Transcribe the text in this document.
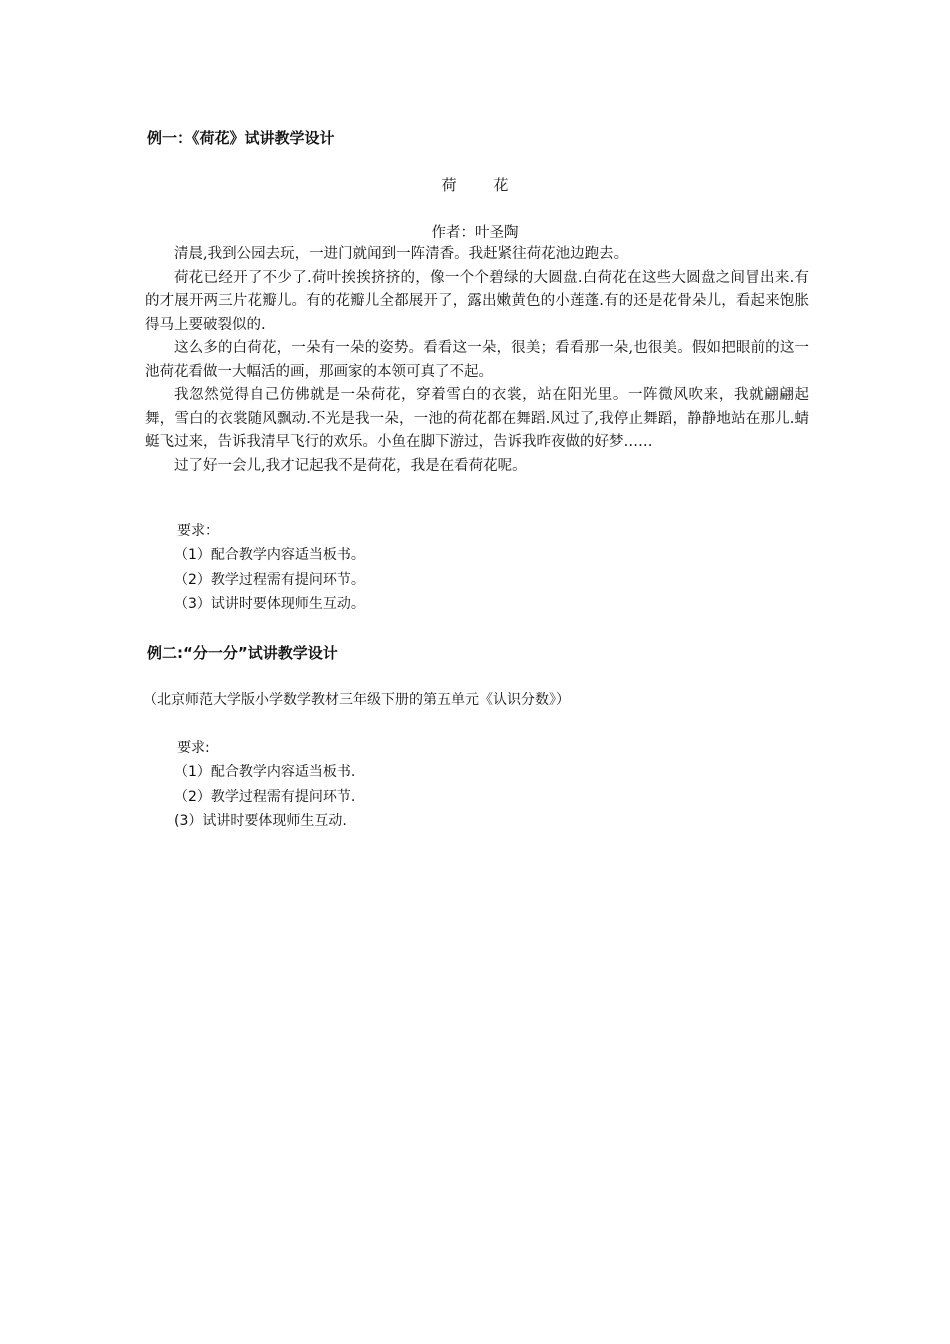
例一：《荷花》试讲教学设计
荷 花
作者：叶圣陶

清晨,我到公园去玩，一进门就闻到一阵清香。我赶紧往荷花池边跑去。

荷花已经开了不少了.荷叶挨挨挤挤的，像一个个碧绿的大圆盘.白荷花在这些大圆盘之间冒出来.有的才展开两三片花瓣儿。有的花瓣儿全都展开了，露出嫩黄色的小莲蓬.有的还是花骨朵儿，看起来饱胀得马上要破裂似的.

这么多的白荷花，一朵有一朵的姿势。看看这一朵，很美；看看那一朵,也很美。假如把眼前的这一池荷花看做一大幅活的画，那画家的本领可真了不起。

我忽然觉得自己仿佛就是一朵荷花，穿着雪白的衣裳，站在阳光里。一阵微风吹来，我就翩翩起舞，雪白的衣裳随风飘动.不光是我一朵，一池的荷花都在舞蹈.风过了,我停止舞蹈，静静地站在那儿.蜻蜓飞过来，告诉我清早飞行的欢乐。小鱼在脚下游过，告诉我昨夜做的好梦……

过了好一会儿,我才记起我不是荷花，我是在看荷花呢。

要求：
（1）配合教学内容适当板书。
（2）教学过程需有提问环节。
（3）试讲时要体现师生互动。
例二:“分一分”试讲教学设计
（北京师范大学版小学数学教材三年级下册的第五单元《认识分数》）
要求:
（1）配合教学内容适当板书.
（2）教学过程需有提问环节.
(3）试讲时要体现师生互动.
